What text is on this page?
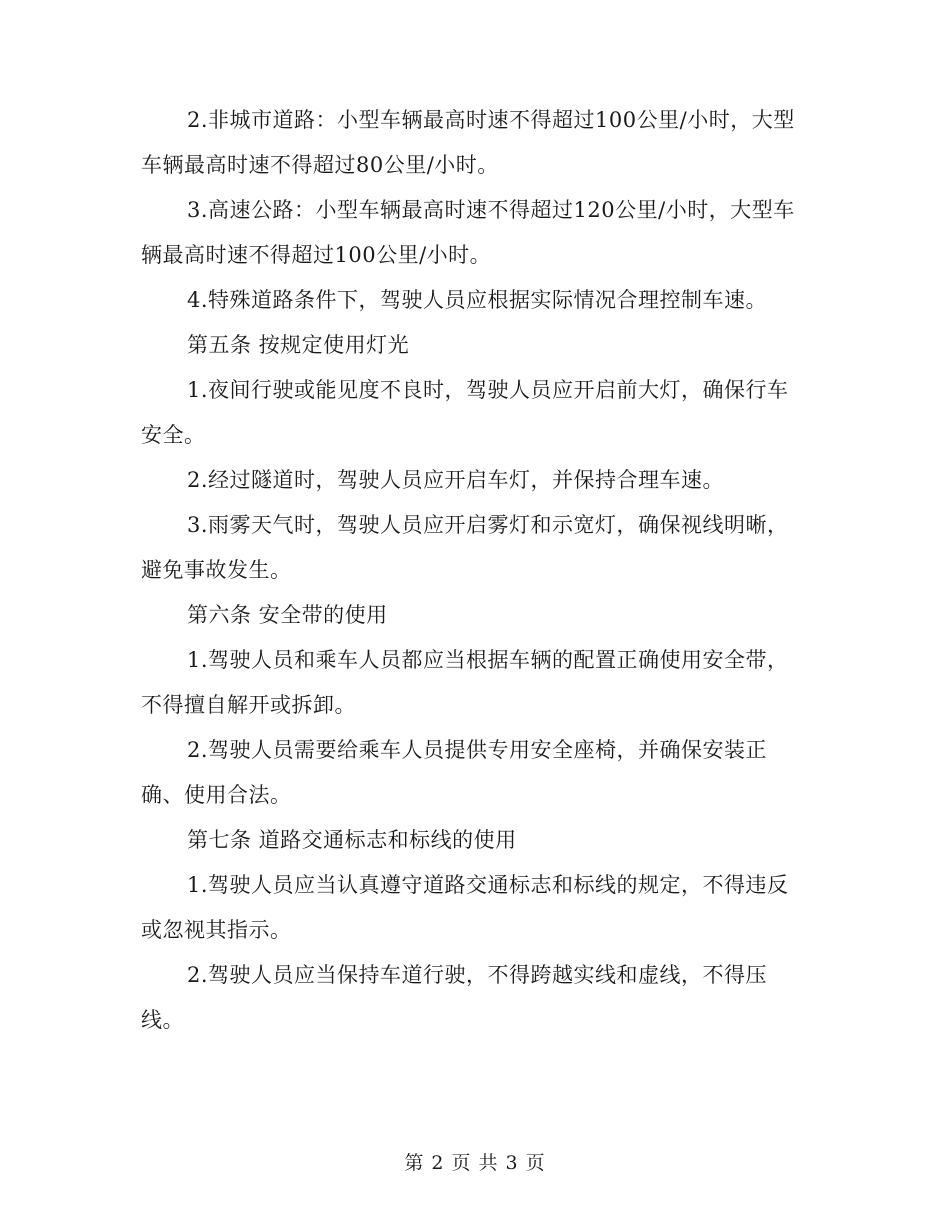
2.非城市道路：小型车辆最高时速不得超过100公里/小时，大型车辆最高时速不得超过80公里/小时。

3.高速公路：小型车辆最高时速不得超过120公里/小时，大型车辆最高时速不得超过100公里/小时。

4.特殊道路条件下，驾驶人员应根据实际情况合理控制车速。

第五条 按规定使用灯光

1.夜间行驶或能见度不良时，驾驶人员应开启前大灯，确保行车安全。

2.经过隧道时，驾驶人员应开启车灯，并保持合理车速。

3.雨雾天气时，驾驶人员应开启雾灯和示宽灯，确保视线明晰，避免事故发生。

第六条 安全带的使用

1.驾驶人员和乘车人员都应当根据车辆的配置正确使用安全带，不得擅自解开或拆卸。

2.驾驶人员需要给乘车人员提供专用安全座椅，并确保安装正确、使用合法。

第七条 道路交通标志和标线的使用

1.驾驶人员应当认真遵守道路交通标志和标线的规定，不得违反或忽视其指示。

2.驾驶人员应当保持车道行驶，不得跨越实线和虚线，不得压线。

第 2 页 共 3 页
